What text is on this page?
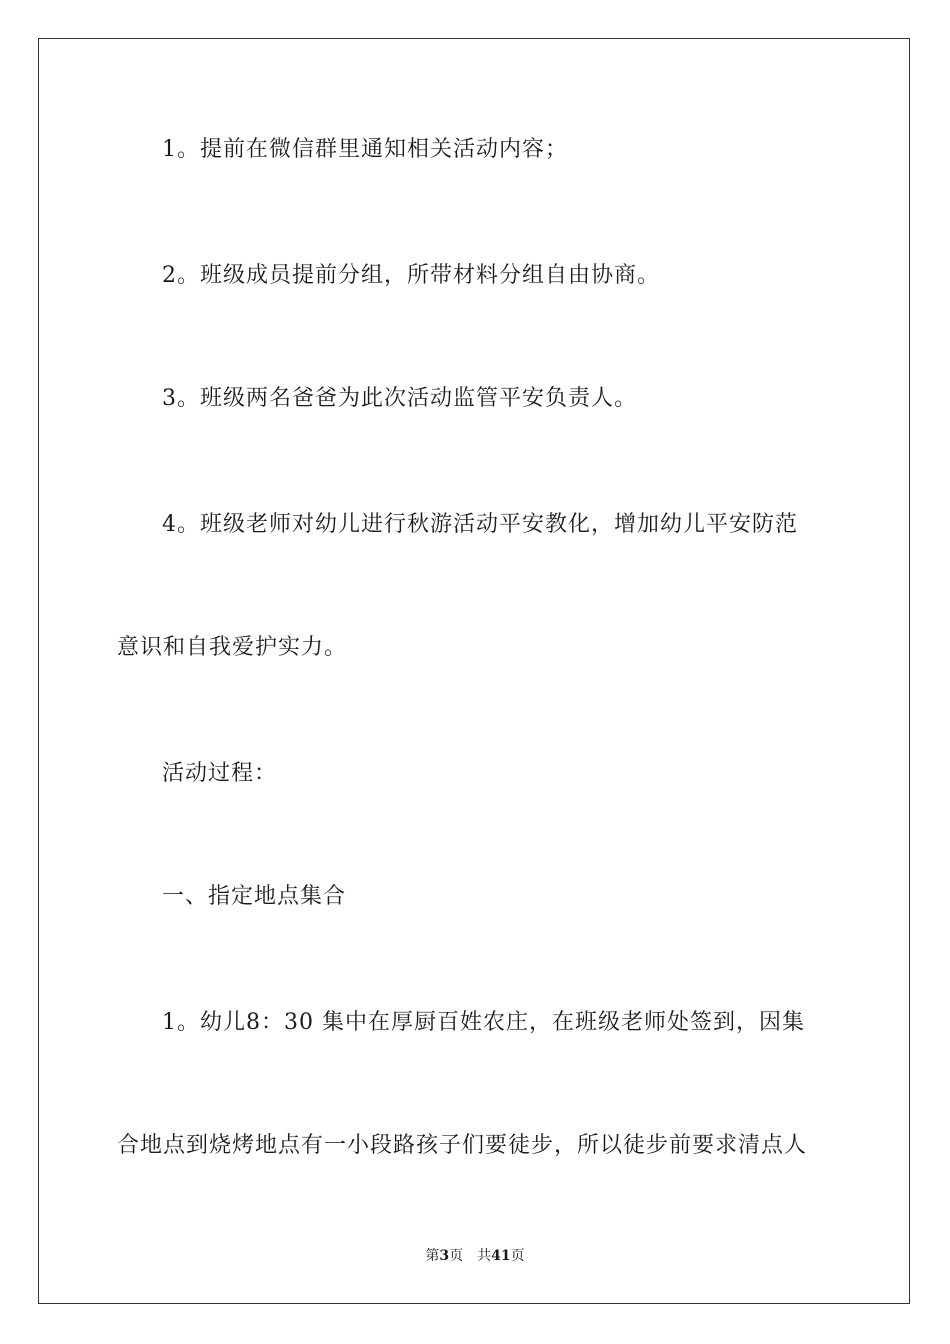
1。提前在微信群里通知相关活动内容；
2。班级成员提前分组，所带材料分组自由协商。
3。班级两名爸爸为此次活动监管平安负责人。
4。班级老师对幼儿进行秋游活动平安教化，增加幼儿平安防范
意识和自我爱护实力。
活动过程：
一、指定地点集合
1。幼儿8：30 集中在厚厨百姓农庄，在班级老师处签到，因集
合地点到烧烤地点有一小段路孩子们要徒步，所以徒步前要求清点人
第3页 共41页
